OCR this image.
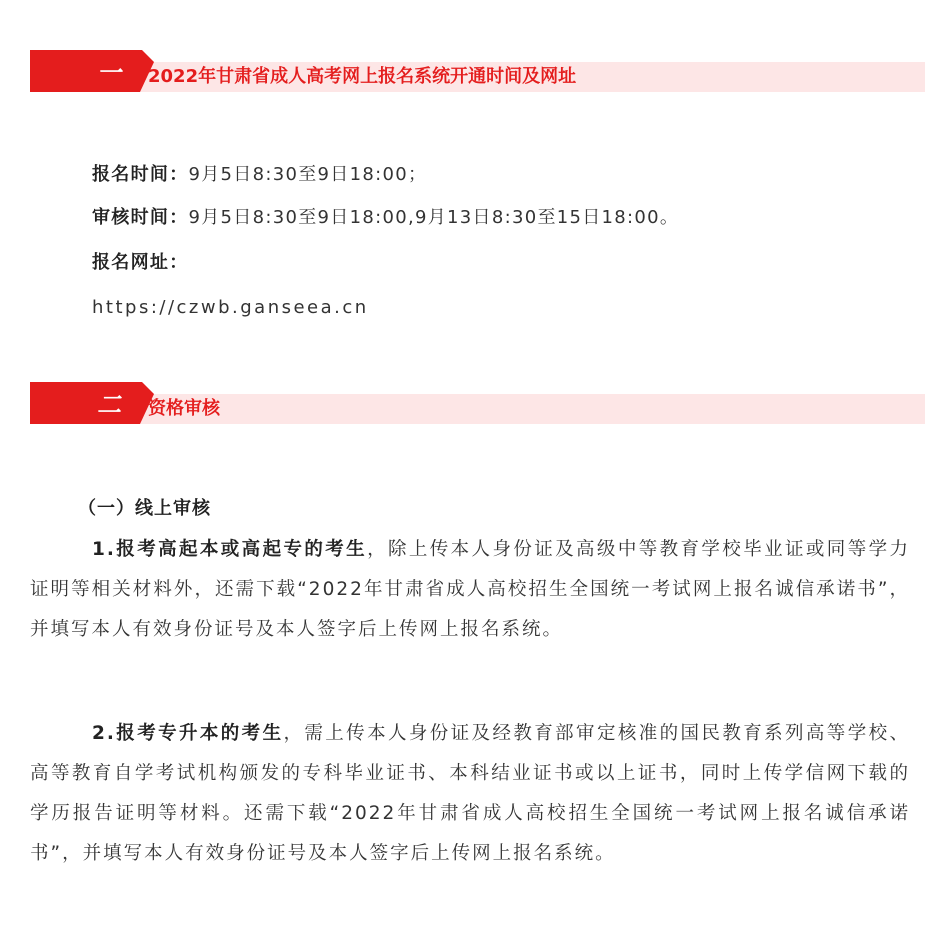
一	2022年甘肃省成人高考网上报名系统开通时间及网址
报名时间：9月5日8:30至9日18:00；
审核时间：9月5日8:30至9日18:00,9月13日8:30至15日18:00。
报名网址：
https://czwb.ganseea.cn
二	资格审核
（一）线上审核

1.报考高起本或高起专的考生，除上传本人身份证及高级中等教育学校毕业证或同等学力证明等相关材料外，还需下载“2022年甘肃省成人高校招生全国统一考试网上报名诚信承诺书”，并填写本人有效身份证号及本人签字后上传网上报名系统。

2.报考专升本的考生，需上传本人身份证及经教育部审定核准的国民教育系列高等学校、高等教育自学考试机构颁发的专科毕业证书、本科结业证书或以上证书，同时上传学信网下载的学历报告证明等材料。还需下载“2022年甘肃省成人高校招生全国统一考试网上报名诚信承诺书”，并填写本人有效身份证号及本人签字后上传网上报名系统。
